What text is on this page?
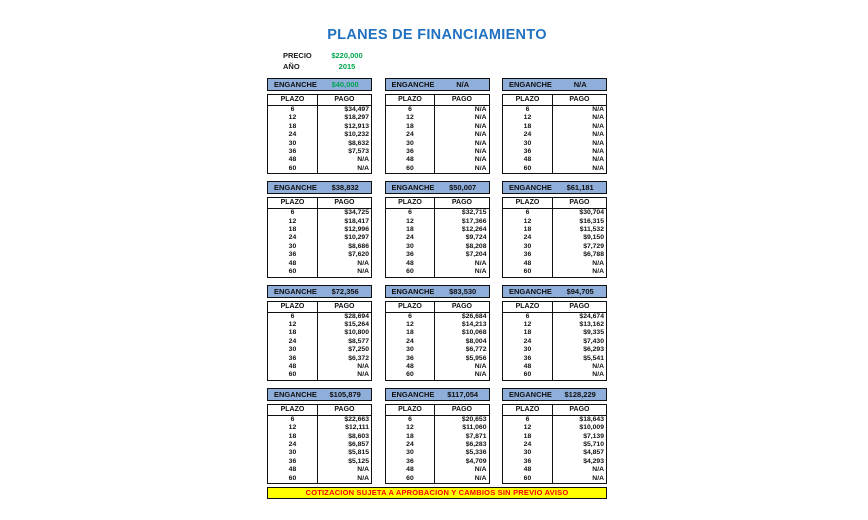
PLANES DE FINANCIAMIENTO
PRECIO	$220,000
AÑO	2015
ENGANCHE	$40,000
PLAZO	PAGO
6	$34,497
12	$18,297
18	$12,913
24	$10,232
30	$8,632
36	$7,573
48	N/A
60	N/A
ENGANCHE	N/A
PLAZO	PAGO
6	N/A
12	N/A
18	N/A
24	N/A
30	N/A
36	N/A
48	N/A
60	N/A
ENGANCHE	N/A
PLAZO	PAGO
6	N/A
12	N/A
18	N/A
24	N/A
30	N/A
36	N/A
48	N/A
60	N/A
ENGANCHE	$38,832
PLAZO	PAGO
6	$34,725
12	$18,417
18	$12,996
24	$10,297
30	$8,686
36	$7,620
48	N/A
60	N/A
ENGANCHE	$50,007
PLAZO	PAGO
6	$32,715
12	$17,366
18	$12,264
24	$9,724
30	$8,208
36	$7,204
48	N/A
60	N/A
ENGANCHE	$61,181
PLAZO	PAGO
6	$30,704
12	$16,315
18	$11,532
24	$9,150
30	$7,729
36	$6,788
48	N/A
60	N/A
ENGANCHE	$72,356
PLAZO	PAGO
6	$28,694
12	$15,264
18	$10,800
24	$8,577
30	$7,250
36	$6,372
48	N/A
60	N/A
ENGANCHE	$83,530
PLAZO	PAGO
6	$26,684
12	$14,213
18	$10,068
24	$8,004
30	$6,772
36	$5,956
48	N/A
60	N/A
ENGANCHE	$94,705
PLAZO	PAGO
6	$24,674
12	$13,162
18	$9,335
24	$7,430
30	$6,293
36	$5,541
48	N/A
60	N/A
ENGANCHE	$105,879
PLAZO	PAGO
6	$22,663
12	$12,111
18	$8,603
24	$6,857
30	$5,815
36	$5,125
48	N/A
60	N/A
ENGANCHE	$117,054
PLAZO	PAGO
6	$20,653
12	$11,060
18	$7,871
24	$6,283
30	$5,336
36	$4,709
48	N/A
60	N/A
ENGANCHE	$128,229
PLAZO	PAGO
6	$18,643
12	$10,009
18	$7,139
24	$5,710
30	$4,857
36	$4,293
48	N/A
60	N/A
COTIZACION SUJETA A APROBACION Y CAMBIOS SIN PREVIO AVISO
